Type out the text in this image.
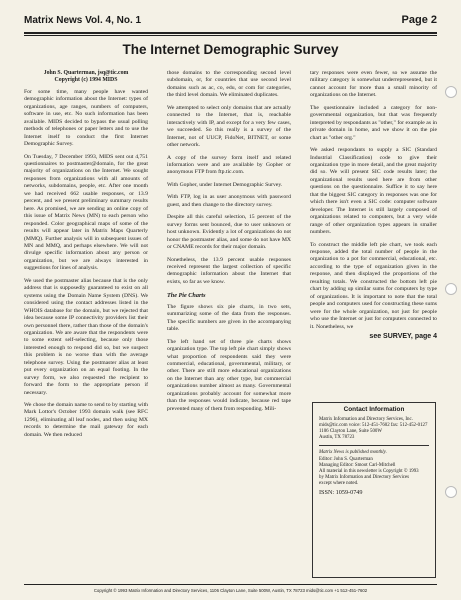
Matrix News Vol. 4, No. 1	Page 2
The Internet Demographic Survey

John S. Quarterman, jsq@tic.com
Copyright (c) 1994 MIDS

For some time, many people have wanted demographic information about the Internet: types of organizations, age ranges, numbers of computers, software in use, etc. No such information has been available. MIDS decided to bypass the usual polling methods of telephones or paper letters and to use the Internet itself to conduct the first Internet Demographic Survey.

On Tuesday, 7 December 1993, MIDS sent out 4,751 questionnaires to postmaster@domain, for the great majority of organizations on the Internet. We sought responses from organizations with all amounts of networks, subdomains, people, etc. After one month we had received 662 usable responses, or 13.9 percent, and we present preliminary summary results here. As promised, we are sending an online copy of this issue of Matrix News (MN) to each person who responded. Color geographical maps of some of the results will appear later in Matrix Maps Quarterly (MMQ). Further analysis will in subsequent issues of MN and MMQ, and perhaps elsewhere. We will not divulge specific information about any person or organization, but we are always interested in suggestions for lines of analysis.

We used the postmaster alias because that is the only address that is supposedly guaranteed to exist on all systems using the Domain Name System (DNS). We considered using the contact addresses listed in the WHOIS database for the domain, but we rejected that idea because some IP connectivity providers list their own personnel there, rather than those of the domain's organization. We are aware that the respondents were to some extent self-selecting, because only those interested enough to respond did so, but we suspect this problem is no worse than with the average telephone survey. Using the postmaster alias at least put every organization on an equal footing. In the survey form, we also requested the recipient to forward the form to the appropriate person if necessary.

We chose the domain name to send to by starting with Mark Lottor's October 1993 domain walk (see RFC 1296), eliminating all leaf nodes, and then using MX records to determine the mail gateway for each domain. We then reduced

those domains to the corresponding second level subdomain, or, for countries that use second level domains such as ac, co, edu, or com for categories, the third level domain. We eliminated duplicates.

We attempted to select only domains that are actually connected to the Internet, that is, reachable interactively with IP, and except for a very few cases, we succeeded. So this really is a survey of the Internet, not of UUCP, FidoNet, BITNET, or some other network.

A copy of the survey form itself and related information were and are available by Gopher or anonymous FTP from ftp.tic.com.

With Gopher, under Internet Demographic Survey.

With FTP, log in as user anonymous with password guest, and then change to the directory survey.

Despite all this careful selection, 15 percent of the survey forms sent bounced, due to user unknown or host unknown. Evidently a lot of organizations do not honor the postmaster alias, and some do not have MX or CNAME records for their major domain.

Nonetheless, the 13.9 percent usable responses received represent the largest collection of specific demographic information about the Internet that exists, so far as we know.

The Pie Charts

The figure shows six pie charts, in two sets, summarizing some of the data from the responses. The specific numbers are given in the accompanying table.

The left hand set of three pie charts shows organization type. The top left pie chart simply shows what proportion of respondents said they were commercial, educational, governmental, military, or other. There are still more educational organizations on the Internet than any other type, but commercial organizations number almost as many. Governmental organizations probably account for somewhat more than the responses would indicate, because red tape prevented many of them from responding. Mili-

tary responses were even fewer, so we assume the military category is somewhat underrepresented, but it cannot account for more than a small minority of organizations on the Internet.

The questionnaire included a category for non-governmental organization, but that was frequently interpreted by respondants as "other," for example as in private domain in home, and we show it on the pie chart as "other org."

We asked respondants to supply a SIC (Standard Industrial Classification) code to give their organization type in more detail, and the great majority did so. We will present SIC code results later; the organizational results used here are from other questions on the questionnaire. Suffice it to say here that the biggest SIC category in responses was one for which there isn't even a SIC code: computer software developer. The Internet is still largely composed of organizations related to computers, but a very wide range of other organization types appears in smaller numbers.

To construct the middle left pie chart, we took each response, added the total number of people in the organization to a pot for commercial, educational, etc. according to the type of organization given in the response, and then displayed the proportions of the resulting totals. We constructed the bottom left pie chart by adding up similar sums for computers by type of organizations. It is important to note that the total people and computers used for constructing these sums were for the whole organization, not just for people who use the Internet or just for computers connected to it. Nonetheless, we

see SURVEY, page 4

Contact Information
Matrix Information and Directory Services, Inc.
mids@tic.com voice: 512-451-7602 fax: 512-452-0127
1106 Clayton Lane, Suite 500W
Austin, TX 78723
Matrix News is published monthly.
Editor: John S. Quarterman
Managing Editor: Smoot Carl-Mitchell
All material in this newsletter is Copyright © 1993
by Matrix Information and Directory Services
except where noted.
ISSN: 1059-0749
Copyright © 1993 Matrix Information and Directory Services, 1106 Clayton Lane, Suite 500W, Austin, TX 78723 mids@tic.com +1 512-451-7602
